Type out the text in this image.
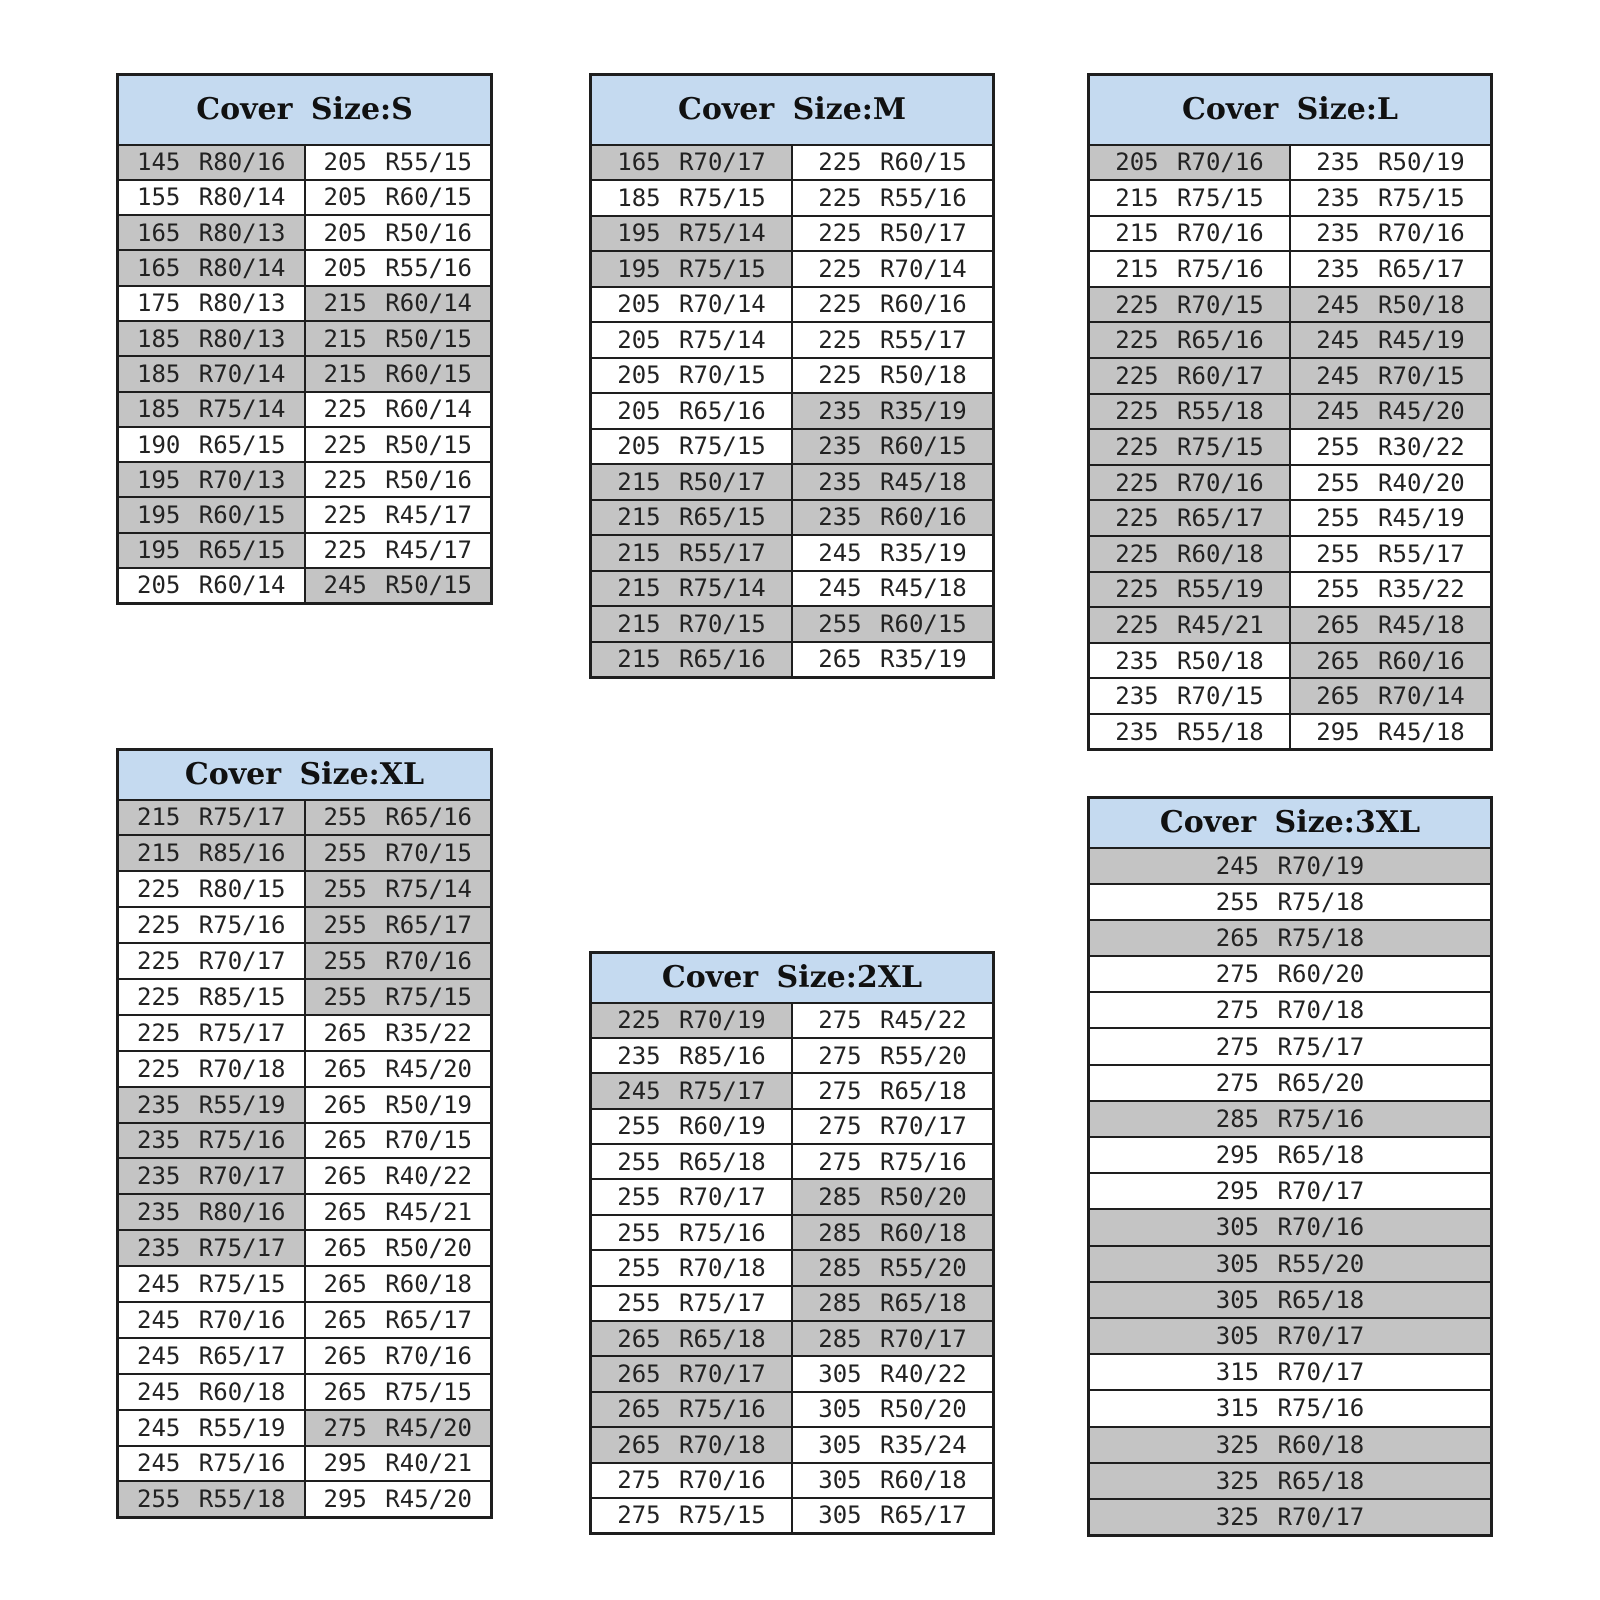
Cover Size:S	
145 R80/16	205 R55/15
155 R80/14	205 R60/15
165 R80/13	205 R50/16
165 R80/14	205 R55/16
175 R80/13	215 R60/14
185 R80/13	215 R50/15
185 R70/14	215 R60/15
185 R75/14	225 R60/14
190 R65/15	225 R50/15
195 R70/13	225 R50/16
195 R60/15	225 R45/17
195 R65/15	225 R45/17
205 R60/14	245 R50/15
Cover Size:M	
165 R70/17	225 R60/15
185 R75/15	225 R55/16
195 R75/14	225 R50/17
195 R75/15	225 R70/14
205 R70/14	225 R60/16
205 R75/14	225 R55/17
205 R70/15	225 R50/18
205 R65/16	235 R35/19
205 R75/15	235 R60/15
215 R50/17	235 R45/18
215 R65/15	235 R60/16
215 R55/17	245 R35/19
215 R75/14	245 R45/18
215 R70/15	255 R60/15
215 R65/16	265 R35/19
Cover Size:L	
205 R70/16	235 R50/19
215 R75/15	235 R75/15
215 R70/16	235 R70/16
215 R75/16	235 R65/17
225 R70/15	245 R50/18
225 R65/16	245 R45/19
225 R60/17	245 R70/15
225 R55/18	245 R45/20
225 R75/15	255 R30/22
225 R70/16	255 R40/20
225 R65/17	255 R45/19
225 R60/18	255 R55/17
225 R55/19	255 R35/22
225 R45/21	265 R45/18
235 R50/18	265 R60/16
235 R70/15	265 R70/14
235 R55/18	295 R45/18
Cover Size:XL	
215 R75/17	255 R65/16
215 R85/16	255 R70/15
225 R80/15	255 R75/14
225 R75/16	255 R65/17
225 R70/17	255 R70/16
225 R85/15	255 R75/15
225 R75/17	265 R35/22
225 R70/18	265 R45/20
235 R55/19	265 R50/19
235 R75/16	265 R70/15
235 R70/17	265 R40/22
235 R80/16	265 R45/21
235 R75/17	265 R50/20
245 R75/15	265 R60/18
245 R70/16	265 R65/17
245 R65/17	265 R70/16
245 R60/18	265 R75/15
245 R55/19	275 R45/20
245 R75/16	295 R40/21
255 R55/18	295 R45/20
Cover Size:2XL	
225 R70/19	275 R45/22
235 R85/16	275 R55/20
245 R75/17	275 R65/18
255 R60/19	275 R70/17
255 R65/18	275 R75/16
255 R70/17	285 R50/20
255 R75/16	285 R60/18
255 R70/18	285 R55/20
255 R75/17	285 R65/18
265 R65/18	285 R70/17
265 R70/17	305 R40/22
265 R75/16	305 R50/20
265 R70/18	305 R35/24
275 R70/16	305 R60/18
275 R75/15	305 R65/17
Cover Size:3XL
245 R70/19
255 R75/18
265 R75/18
275 R60/20
275 R70/18
275 R75/17
275 R65/20
285 R75/16
295 R65/18
295 R70/17
305 R70/16
305 R55/20
305 R65/18
305 R70/17
315 R70/17
315 R75/16
325 R60/18
325 R65/18
325 R70/17
